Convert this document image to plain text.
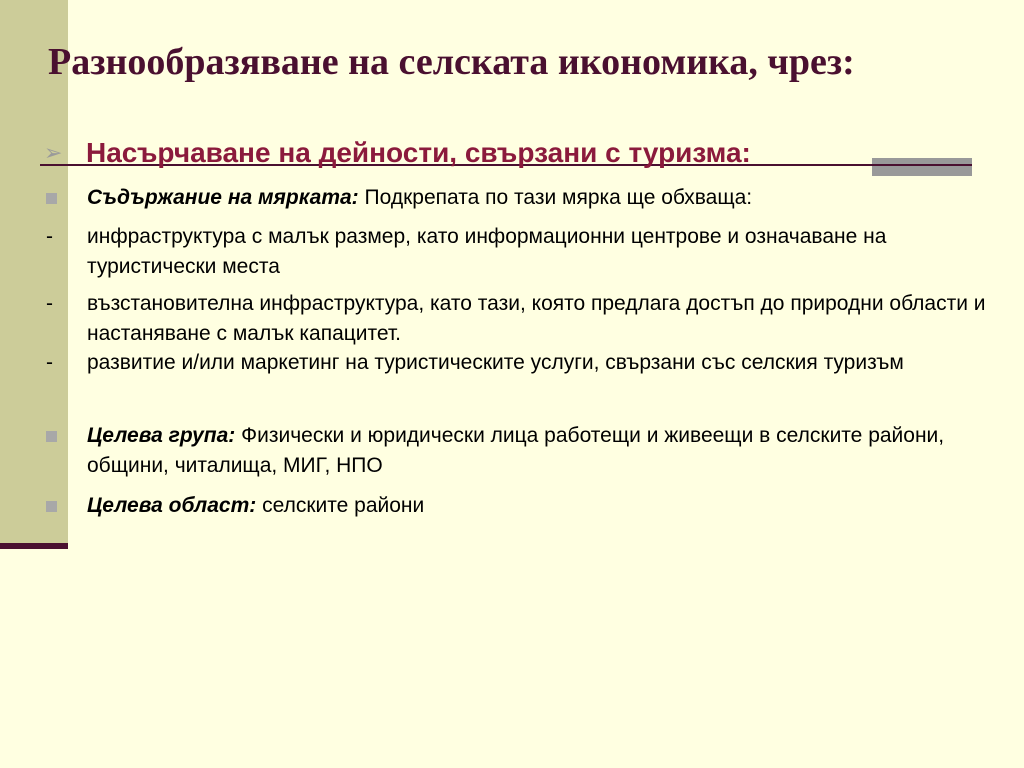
Разнообразяване на селската икономика, чрез:
➢ Насърчаване на дейности, свързани с туризма:
Съдържание на мярката: Подкрепата по тази мярка ще обхваща:
-	инфраструктура с малък размер, като информационни центрове и означаване на туристически места
-	възстановителна инфраструктура, като тази, която предлага достъп до природни области и настаняване с малък капацитет.
-	развитие и/или маркетинг на туристическите услуги, свързани със селския туризъм
Целева група: Физически и юридически лица работещи и живеещи в селските райони, общини, читалища, МИГ, НПО
Целева област: селските райони
